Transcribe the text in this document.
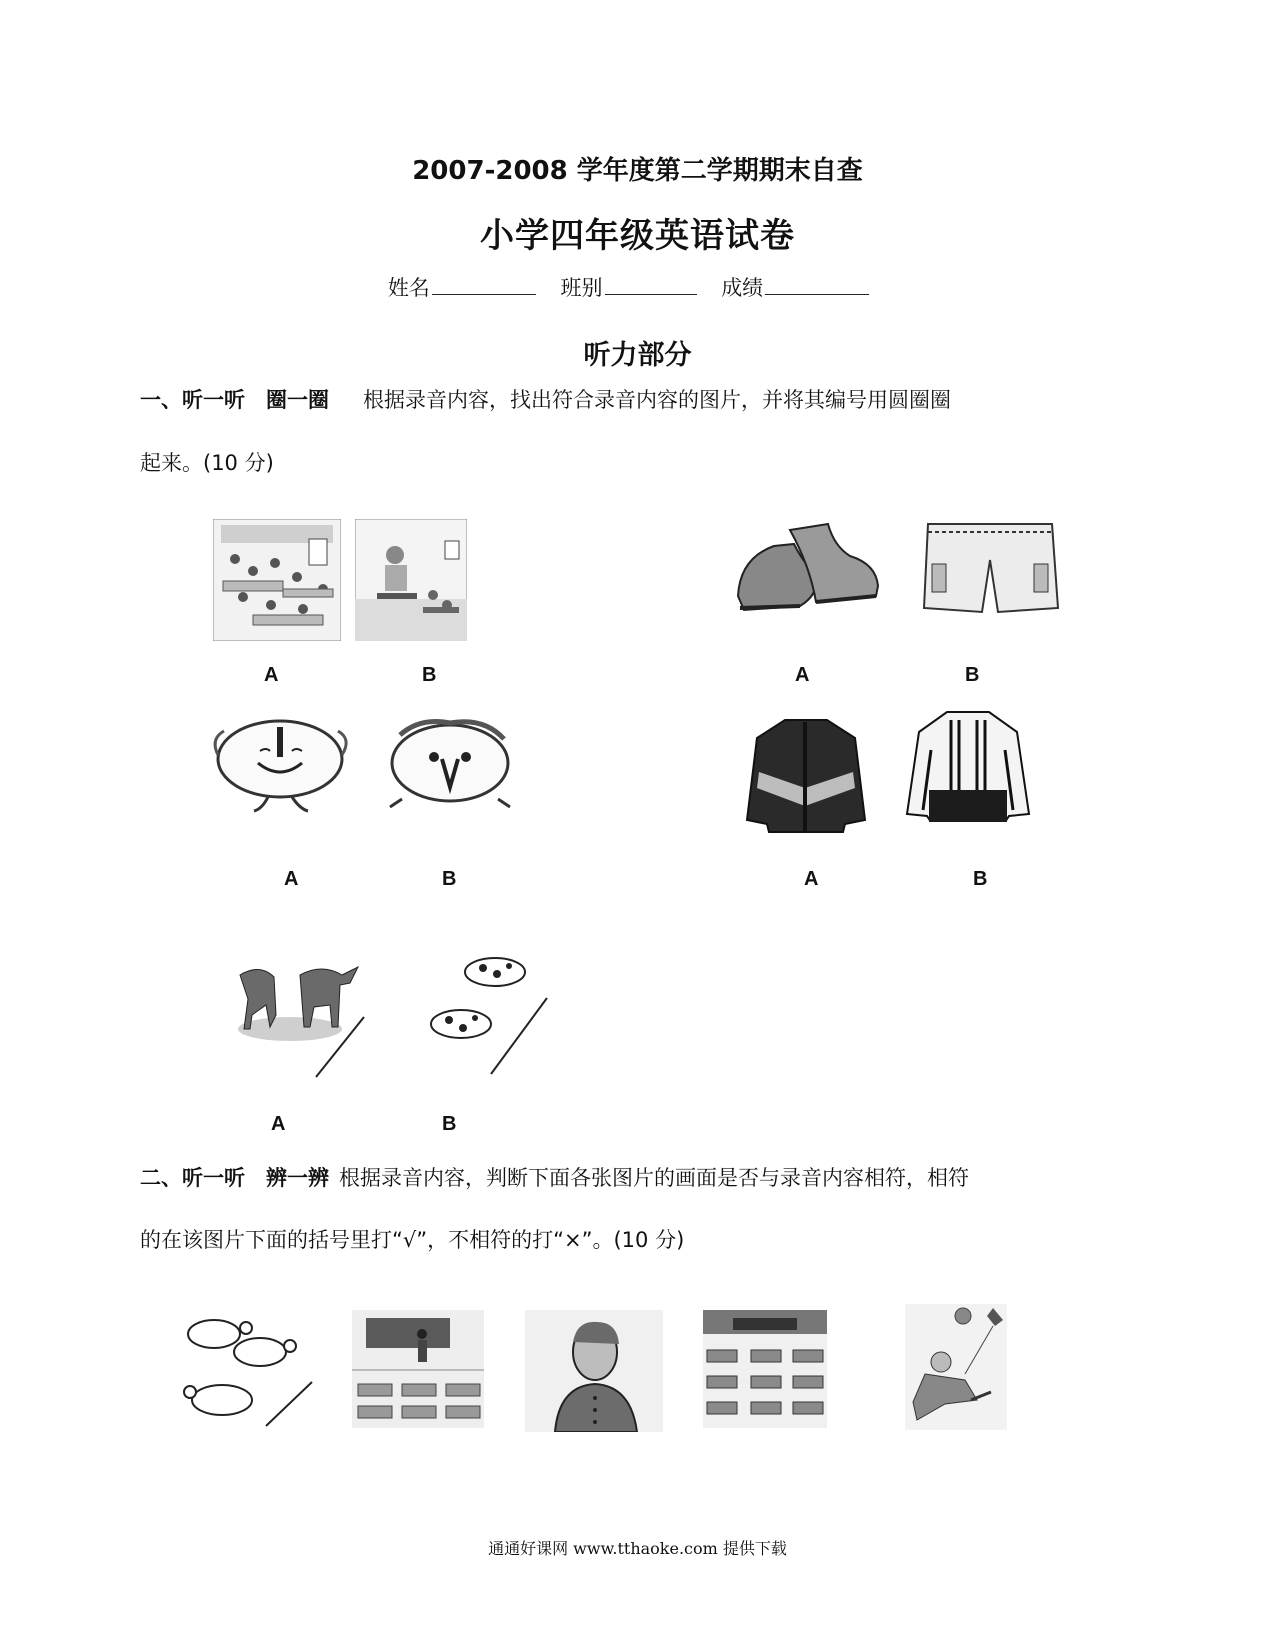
2007-2008 学年度第二学期期末自查
小学四年级英语试卷
姓名	班别	成绩
听力部分
一、听一听　圈一圈 根据录音内容，找出符合录音内容的图片，并将其编号用圆圈圈
起来。(10 分)
A	B	A	B
A	B	A	B
A	B
二、听一听　辨一辨 根据录音内容，判断下面各张图片的画面是否与录音内容相符，相符
的在该图片下面的括号里打“√”，不相符的打“×”。(10 分)
通通好课网 www.tthaoke.com 提供下载
